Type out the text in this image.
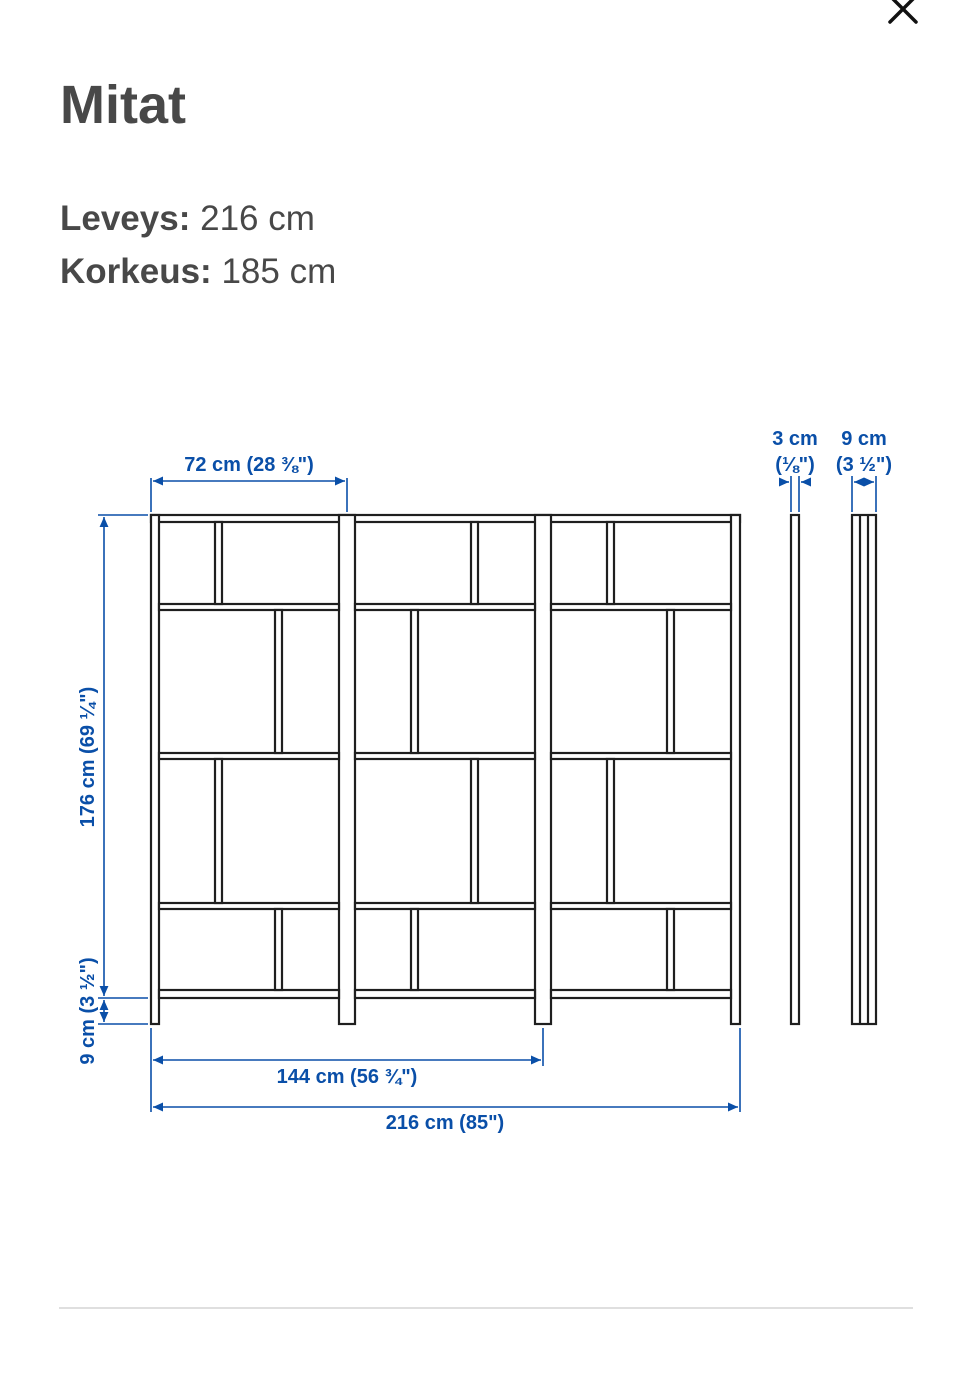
Mitat
Leveys: 216 cm
Korkeus: 185 cm
72 cm (28 ⅜")
176 cm (69 ¼")
9 cm (3 ½")
144 cm (56 ¾")
216 cm (85")
3 cm
(⅛")
9 cm
(3 ½")
